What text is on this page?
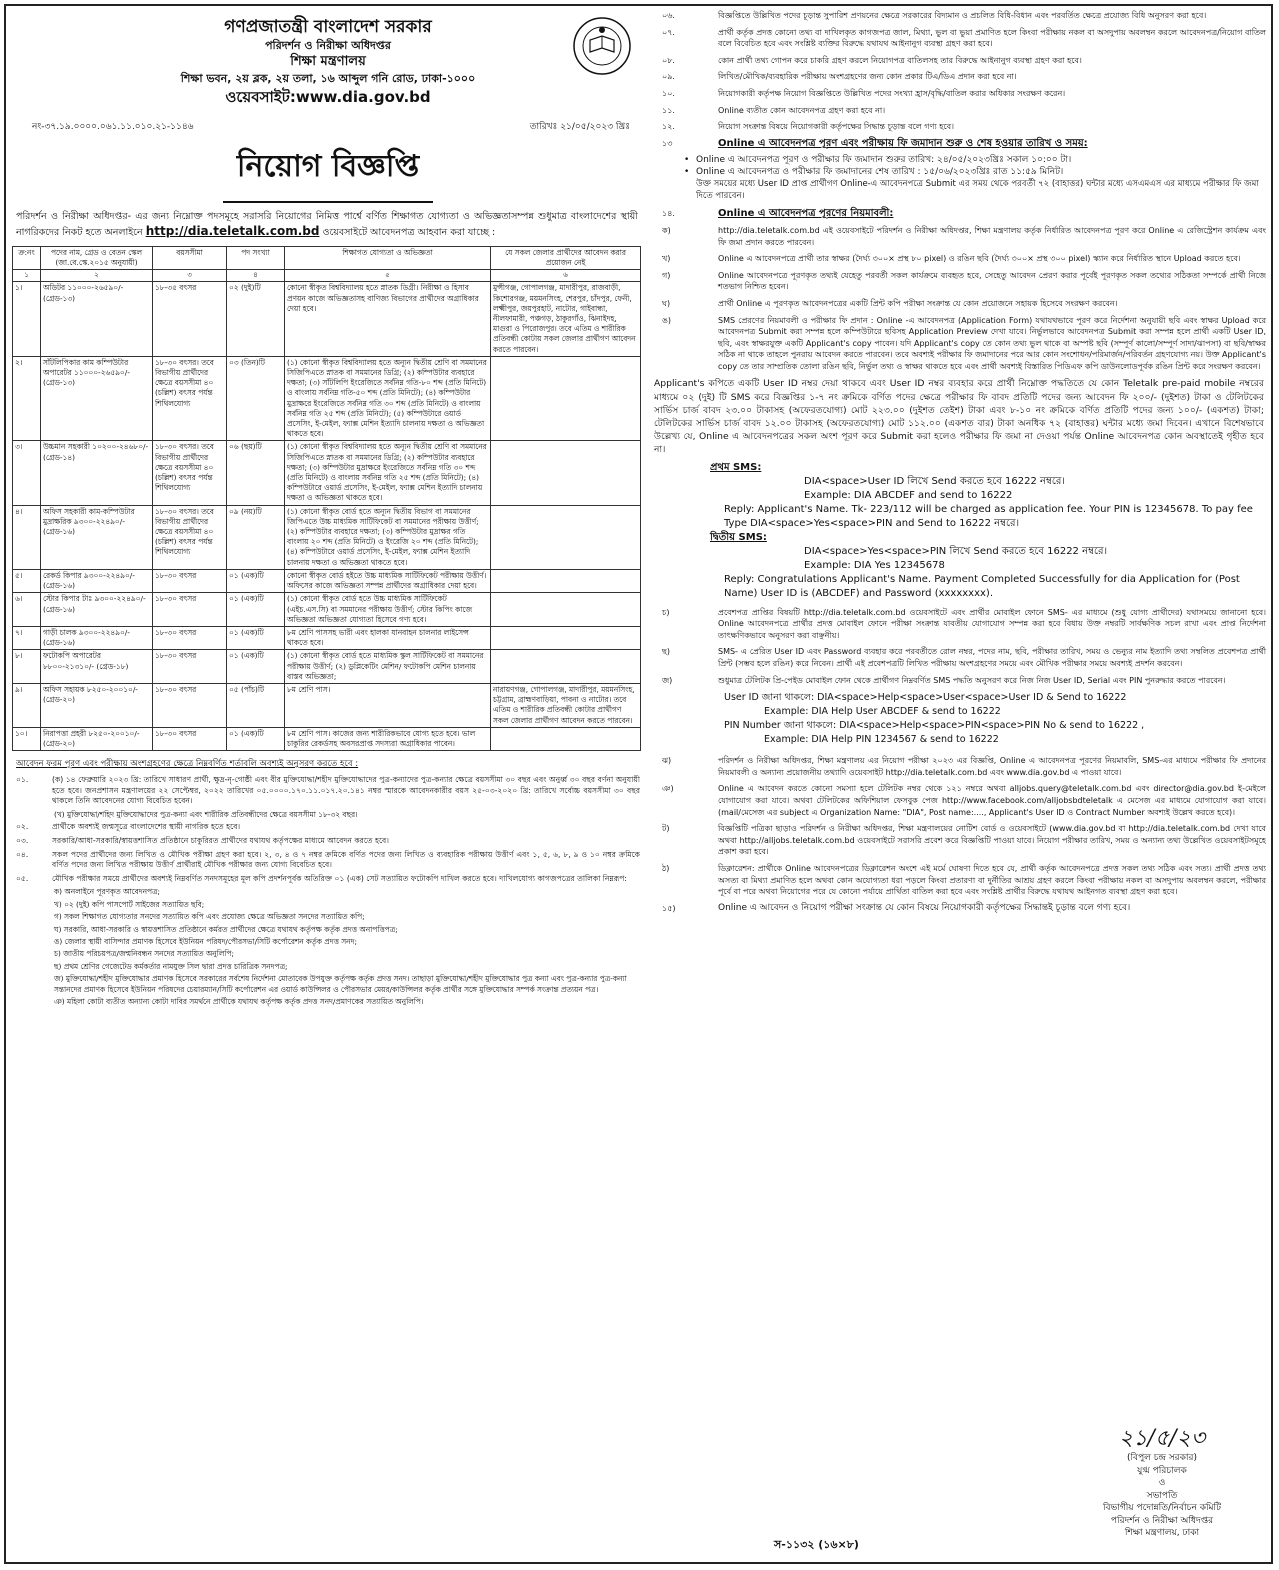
গণপ্রজাতন্ত্রী বাংলাদেশ সরকার
পরিদর্শন ও নিরীক্ষা অধিদপ্তর
শিক্ষা মন্ত্রণালয়
শিক্ষা ভবন, ২য় ব্লক, ২য় তলা, ১৬ আব্দুল গনি রোড, ঢাকা-১০০০
ওয়েবসাইট:www.dia.gov.bd
নং-৩৭.১৯.০০০০.০৬১.১১.০১০.২১-১১৪৬	তারিখঃ ২১/০৫/২০২৩ খ্রিঃ
নিয়োগ বিজ্ঞপ্তি
পরিদর্শন ও নিরীক্ষা অধিদপ্তর- এর জন্য নিম্নোক্ত পদসমূহে সরাসরি নিয়োগের নিমিত্ত পার্শ্বে বর্ণিত শিক্ষাগত যোগ্যতা ও অভিজ্ঞতাসম্পন্ন শুধুমাত্র বাংলাদেশের স্থায়ী নাগরিকদের নিকট হতে অনলাইনে http://dia.teletalk.com.bd ওয়েবসাইটে আবেদনপত্র আহবান করা যাচ্ছে :
ক্র:নং	পদের নাম, গ্রেড ও বেতন স্কেল (জা.বে.স্কে.২০১৫ অনুযায়ী)	বয়সসীমা	পদ সংখ্যা	শিক্ষাগত যোগ্যতা ও অভিজ্ঞতা	যে সকল জেলার প্রার্থীদের আবেদন করার প্রয়োজন নেই
১	২	৩	৪	৫	৬
১।	অডিটর ১১০০০-২৬৫৯০/- (গ্রেড-১৩)	১৮-৩৫ বৎসর	০২ (দুই)টি	কোনো স্বীকৃত বিশ্ববিদ্যালয় হতে স্নাতক ডিগ্রী। নিরীক্ষা ও হিসাব প্রণয়ন কাজে অভিজ্ঞতাসহ বাণিজ্য বিভাগের প্রার্থীদের অগ্রাধিকার দেয়া হবে।	মুন্সীগঞ্জ, গোপালগঞ্জ, মাদারীপুর, রাজবাড়ী, কিশোরগঞ্জ, ময়মনসিংহ, শেরপুর, চাঁদপুর, ফেনী, লক্ষ্মীপুর, জয়পুরহাট, নাটোর, গাইবান্ধা, নীলফামারী, পঞ্চগড়, ঠাকুরগাঁও, ঝিনাইদহ, মাগুরা ও পিরোজপুর। তবে এতিম ও শারীরিক প্রতিবন্ধী কোটায় সকল জেলার প্রার্থীগণ আবেদন করতে পারবেন।
২।	সাঁটলিপিকার কাম কম্পিউটার অপারেটর ১১০০০-২৬৫৯০/- (গ্রেড-১৩)	১৮-৩০ বৎসর। তবে বিভাগীয় প্রার্থীদের ক্ষেত্রে বয়সসীমা ৪০ (চল্লিশ) বৎসর পর্যন্ত শিথিলযোগ্য	০৩ (তিন)টি	(১) কোনো স্বীকৃত বিশ্ববিদ্যালয় হতে অন্যূন দ্বিতীয় শ্রেণি বা সমমানের সিজিপিএতে স্নাতক বা সমমানের ডিগ্রি; (২) কম্পিউটার ব্যবহারে দক্ষতা; (৩) সাঁটলিপি ইংরেজিতে সর্বনিম্ন গতি-৮০ শব্দ (প্রতি মিনিটে) ও বাংলায় সর্বনিম্ন গতি-৫০ শব্দ (প্রতি মিনিটে); (৪) কম্পিউটার মুদ্রাক্ষরে ইংরেজিতে সর্বনিম্ন গতি ৩০ শব্দ (প্রতি মিনিটে) ও বাংলায় সর্বনিম্ন গতি ২৫ শব্দ (প্রতি মিনিটে); (৫) কম্পিউটারে ওয়ার্ড প্রসেসিং, ই-মেইল, ফ্যাক্স মেশিন ইত্যাদি চালনায় দক্ষতা ও অভিজ্ঞতা থাকতে হবে।	
৩।	উচ্চমান সহকারী ১০২০০-২৪৬৮০/- (গ্রেড-১৪)	১৮-৩০ বৎসর। তবে বিভাগীয় প্রার্থীদের ক্ষেত্রে বয়সসীমা ৪০ (চল্লিশ) বৎসর পর্যন্ত শিথিলযোগ্য	০৬ (ছয়)টি	(১) কোনো স্বীকৃত বিশ্ববিদ্যালয় হতে অন্যূন দ্বিতীয় শ্রেণি বা সমমানের সিজিপিএতে স্নাতক বা সমমানের ডিগ্রি; (২) কম্পিউটার ব্যবহারে দক্ষতা; (৩) কম্পিউটার মুদ্রাক্ষরে ইংরেজিতে সর্বনিম্ন গতি ৩০ শব্দ (প্রতি মিনিটে) ও বাংলায় সর্বনিম্ন গতি ২৫ শব্দ (প্রতি মিনিটে); (৪) কম্পিউটারে ওয়ার্ড প্রসেসিং, ই-মেইল, ফ্যাক্স মেশিন ইত্যাদি চালনায় দক্ষতা ও অভিজ্ঞতা থাকতে হবে।	
৪।	অফিস সহকারী কাম-কম্পিউটার মুদ্রাক্ষরিক ৯৩০০-২২৪৯০/- (গ্রেড-১৬)	১৮-৩০ বৎসর। তবে বিভাগীয় প্রার্থীদের ক্ষেত্রে বয়সসীমা ৪০ (চল্লিশ) বৎসর পর্যন্ত শিথিলযোগ্য	০৯ (নয়)টি	(১) কোনো স্বীকৃত বোর্ড হতে অন্যূন দ্বিতীয় বিভাগ বা সমমানের জিপিএতে উচ্চ মাধ্যমিক সার্টিফিকেট বা সমমানের পরীক্ষায় উত্তীর্ণ; (২) কম্পিউটার ব্যবহারে দক্ষতা; (৩) কম্পিউটার মুদ্রাক্ষর গতি বাংলায় ২০ শব্দ (প্রতি মিনিটে) ও ইংরেজি ২০ শব্দ (প্রতি মিনিটে); (৪) কম্পিউটারে ওয়ার্ড প্রসেসিং, ই-মেইল, ফ্যাক্স মেশিন ইত্যাদি চালনায় দক্ষতা ও অভিজ্ঞতা থাকতে হবে।	
৫।	রেকর্ড কিপার ৯৩০০-২২৪৯০/- (গ্রেড-১৬)	১৮-৩০ বৎসর	০১ (এক)টি	কোনো স্বীকৃত বোর্ড হইতে উচ্চ মাধ্যমিক সার্টিফিকেট পরীক্ষায় উত্তীর্ণ। অফিসের কাজে অভিজ্ঞতা সম্পন্ন প্রার্থীদের অগ্রাধিকার দেয়া হবে।	
৬।	স্টোর কিপার টাঃ ৯৩০০-২২৪৯০/- (গ্রেড-১৬)	১৮-৩০ বৎসর	০১ (এক)টি	(১) কোনো স্বীকৃত বোর্ড হতে উচ্চ মাধ্যমিক সার্টিফিকেট (এইচ.এস.সি) বা সমমানের পরীক্ষায় উত্তীর্ণ; স্টোর কিপিং কাজে অভিজ্ঞতা অভিজ্ঞতা যোগ্যতা হিসেবে গণ্য হবে।	
৭।	গাড়ী চালক ৯৩০০-২২৪৯০/- (গ্রেড-১৬)	১৮-৩০ বৎসর	০১ (এক)টি	৮ম শ্রেণি পাসসহ ভারী এবং হালকা যানবাহন চালনার লাইসেন্স থাকতে হবে।	
৮।	ফটোকপি অপারেটর ৮৮০০-২১৩১০/- (গ্রেড-১৮)	১৮-৩০ বৎসর	০১ (এক)টি	(১) কোনো স্বীকৃত বোর্ড হতে মাধ্যমিক স্কুল সার্টিফিকেট বা সমমানের পরীক্ষায় উত্তীর্ণ; (২) ডুপ্লিকেটিং মেশিন/ ফটোকপি মেশিন চালনায় বাস্তব অভিজ্ঞতা;	
৯।	অফিস সহায়ক ৮২৫০-২০০১০/- (গ্রেড-২০)	১৮-৩০ বৎসর	০৫ (পাঁচ)টি	৮ম শ্রেণি পাস।	নারায়ণগঞ্জ, গোপালগঞ্জ, মাদারীপুর, ময়মনসিংহ, চট্টগ্রাম, ব্রাহ্মণবাড়িয়া, পাবনা ও নাটোর। তবে এতিম ও শারীরিক প্রতিবন্ধী কোটার প্রার্থীগণ সকল জেলার প্রার্থীগণ আবেদন করতে পারবেন।
১০।	নিরাপত্তা প্রহরী ৮২৫০-২০০১০/- (গ্রেড-২০)	১৮-৩০ বৎসর	০১ (এক)টি	৮ম শ্রেণি পাস। কাজের জন্য শারীরিকভাবে যোগ্য হতে হবে। ভাল চাকুরির রেকর্ডসহ অবসরপ্রাপ্ত সদস্যরা অগ্রাধিকার পাবেন।	
আবেদন ফরম পূরণ এবং পরীক্ষায় অংশগ্রহণের ক্ষেত্রে নিম্নবর্ণিত শর্তাবলি অবশ্যই অনুসরণ করতে হবে :
০১.	(ক) ১৪ ফেব্রুয়ারি ২০২৩ খ্রি: তারিখে সাধারণ প্রার্থী, ক্ষুদ্র-নৃ-গোষ্ঠী এবং বীর মুক্তিযোদ্ধা/শহীদ মুক্তিযোদ্ধাদের পুত্র-কন্যাদের পুত্র-কন্যার ক্ষেত্রে বয়সসীমা ৩০ বছর এবং অনুর্ধ্ব ৩০ বছর বর্ণনা অনুযায়ী হতে হবে। জনপ্রশাসন মন্ত্রণালয়ের ২২ সেপ্টেম্বর, ২০২২ তারিখের ০৫.০০০০.১৭০.১১.০১৭.২০.১৪১ নম্বর স্মারকে আবেদনকারীর বয়স ২৫-০৩-২০২০ খ্রি: তারিখে সর্বোচ্চ বয়সসীমা ৩০ বছর থাকলে তিনি আবেদনের যোগ্য বিবেচিত হবেন।
(খ) মুক্তিযোদ্ধা/শহিদ মুক্তিযোদ্ধাদের পুত্র-কন্যা এবং শারীরিক প্রতিবন্ধীদের ক্ষেত্রে বয়সসীমা ১৮-৩২ বছর।
০২.	প্রার্থীকে অবশ্যই জন্মসূত্রে বাংলাদেশের স্থায়ী নাগরিক হতে হবে।
০৩.	সরকারি/আধা-সরকারি/স্বায়ত্তশাসিত প্রতিষ্ঠানে চাকুরিরত প্রার্থীদের যথাযথ কর্তৃপক্ষের মাধ্যমে আবেদন করতে হবে।
০৪.	সকল পদের প্রার্থীদের জন্য লিখিত ও মৌখিক পরীক্ষা গ্রহণ করা হবে। ২, ৩, ৪ ও ৭ নম্বর ক্রমিকে বর্ণিত পদের জন্য লিখিত ও ব্যবহারিক পরীক্ষায় উত্তীর্ণ এবং ১, ৫, ৬, ৮, ৯ ও ১০ নম্বর ক্রমিকে বর্ণিত পদের জন্য লিখিত পরীক্ষায় উত্তীর্ণ প্রার্থীরাই মৌখিক পরীক্ষার জন্য যোগ্য বিবেচিত হবে।
০৫.	মৌখিক পরীক্ষার সময়ে প্রার্থীদের অবশ্যই নিম্নবর্ণিত সনদসমূহের মূল কপি প্রদর্শনপূর্বক অতিরিক্ত ০১ (এক) সেট সত্যায়িত ফটোকপি দাখিল করতে হবে। দাখিলযোগ্য কাগজপত্রের তালিকা নিম্নরূপ:
ক) অনলাইনে পূরণকৃত আবেদনপত্র;
খ) ০২ (দুই) কপি পাসপোর্ট সাইজের সত্যায়িত ছবি;
গ) সকল শিক্ষাগত যোগ্যতার সনদের সত্যায়িত কপি এবং প্রযোজ্য ক্ষেত্রে অভিজ্ঞতা সনদের সত্যায়িত কপি;
ঘ) সরকারি, আধা-সরকারি ও স্বায়ত্তশাসিত প্রতিষ্ঠানে কর্মরত প্রার্থীদের ক্ষেত্রে যথাযথ কর্তৃপক্ষ কর্তৃক প্রদত্ত অনাপত্তিপত্র;
ঙ) জেলার স্থায়ী বাসিন্দার প্রমাণক হিসেবে ইউনিয়ন পরিষদ/পৌরসভা/সিটি কর্পোরেশন কর্তৃক প্রদত্ত সনদ;
চ) জাতীয় পরিচয়পত্র/জন্মনিবন্ধন সনদের সত্যায়িত অনুলিপি;
ছ) প্রথম শ্রেণির গেজেটেড কর্মকর্তার নামযুক্ত সিল দ্বারা প্রদত্ত চারিত্রিক সনদপত্র;
জ) মুক্তিযোদ্ধা/শহীদ মুক্তিযোদ্ধার প্রমাণক হিসেবে সরকারের সর্বশেষ নির্দেশনা মোতাবেক উপযুক্ত কর্তৃপক্ষ কর্তৃক প্রদত্ত সনদ। তাছাড়া মুক্তিযোদ্ধা/শহীদ মুক্তিযোদ্ধার পুত্র কন্যা এবং পুত্র-কন্যার পুত্র-কন্যা সন্তানদের প্রমাণক হিসেবে ইউনিয়ন পরিষদের চেয়ারম্যান/সিটি কর্পোরেশন এর ওয়ার্ড কাউন্সিলর ও পৌরসভার মেয়র/কাউন্সিলর কর্তৃক প্রার্থীর সঙ্গে মুক্তিযোদ্ধার সম্পর্ক সংক্রান্ত প্রত্যয়ন পত্র।
ঞ) মহিলা কোটা ব্যতীত অন্যান্য কোটা দাবির সমর্থনে প্রার্থীকে যথাযথ কর্তৃপক্ষ কর্তৃক প্রদত্ত সনদ/প্রমাণকের সত্যায়িত অনুলিপি।
০৬.	বিজ্ঞপ্তিতে উল্লিখিত পদের চূড়ান্ত সুপারিশ প্রণয়নের ক্ষেত্রে সরকারের বিদ্যমান ও প্রচলিত বিধি-বিধান এবং পরবর্তিত ক্ষেত্রে প্রযোজ্য বিধি অনুসরণ করা হবে।
০৭.	প্রার্থী কর্তৃক প্রদত্ত কোনো তথ্য বা দাখিলকৃত কাগজপত্র জাল, মিথ্যা, ভুল বা ভুয়া প্রমাণিত হলে কিংবা পরীক্ষায় নকল বা অসদুপায় অবলম্বন করলে আবেদনপত্র/নিয়োগ বাতিল বলে বিবেচিত হবে এবং সংশ্লিষ্ট ব্যক্তির বিরুদ্ধে যথাযথ আইনানুগ ব্যবস্থা গ্রহণ করা হবে।
০৮.	কোন প্রার্থী তথ্য গোপন করে চাকরি গ্রহণ করলে নিয়োগপত্র বাতিলসহ তার বিরুদ্ধে আইনানুগ ব্যবস্থা গ্রহণ করা হবে।
০৯.	লিখিত/মৌখিক/ব্যবহারিক পরীক্ষায় অংশগ্রহণের জন্য কোন প্রকার টিএ/ডিএ প্রদান করা হবে না।
১০.	নিয়োগকারী কর্তৃপক্ষ নিয়োগ বিজ্ঞপ্তিতে উল্লিখিত পদের সংখ্যা হ্রাস/বৃদ্ধি/বাতিল করার অধিকার সংরক্ষণ করেন।
১১.	Online ব্যতীত কোন আবেদনপত্র গ্রহণ করা হবে না।
১২.	নিয়োগ সংক্রান্ত বিষয়ে নিয়োগকারী কর্তৃপক্ষের সিদ্ধান্ত চূড়ান্ত বলে গণ্য হবে।
১৩	Online এ আবেদনপত্র পূরণ এবং পরীক্ষায় ফি জমাদান শুরু ও শেষ হওয়ার তারিখ ও সময়:
• Online এ আবেদনপত্র পূরণ ও পরীক্ষার ফি জমাদান শুরুর তারিখ: ২৪/০৫/২০২৩খ্রিঃ সকাল ১০:০০ টা।
• Online এ আবেদনপত্র ও পরীক্ষার ফি জমাদানের শেষ তারিখ : ১৫/০৬/২০২৩খ্রিঃ রাত ১১:৫৯ মিনিট।
উক্ত সময়ের মধ্যে User ID প্রাপ্ত প্রার্থীগণ Online-এ আবেদনপত্রে Submit এর সময় থেকে পরবর্তী ৭২ (বাহাত্তর) ঘন্টার মধ্যে এসএমএস এর মাধ্যমে পরীক্ষার ফি জমা দিতে পারবেন।
১৪.	Online এ আবেদনপত্র পূরণের নিয়মাবলী:
ক)	http://dia.teletalk.com.bd এই ওয়েবসাইটে পরিদর্শন ও নিরীক্ষা অধিদপ্তর, শিক্ষা মন্ত্রণালয় কর্তৃক নির্ধারিত আবেদনপত্র পূরণ করে Online এ রেজিস্ট্রেশন কার্যক্রম এবং ফি জমা প্রদান করতে পারবেন।
খ)	Online এ আবেদনপত্রে প্রার্থী তার স্বাক্ষর (দৈর্ঘ্য ৩০০× প্রস্থ ৮০ pixel) ও রঙিন ছবি (দৈর্ঘ্য ৩০০× প্রস্থ ৩০০ pixel) স্ক্যান করে নির্ধারিত স্থানে Upload করতে হবে।
গ)	Online আবেদনপত্রে পূরণকৃত তথ্যই যেহেতু পরবর্তী সকল কার্যক্রমে ব্যবহৃত হবে, সেহেতু আবেদন প্রেরণ করার পূর্বেই পূরণকৃত সকল তথ্যের সঠিকতা সম্পর্কে প্রার্থী নিজে শতভাগ নিশ্চিত হবেন।
ঘ)	প্রার্থী Online এ পূরণকৃত আবেদনপত্রের একটি প্রিন্ট কপি পরীক্ষা সংক্রান্ত যে কোন প্রয়োজনে সহায়ক হিসেবে সংরক্ষণ করবেন।
ঙ)	SMS প্রেরণের নিয়মাবলী ও পরীক্ষার ফি প্রদান : Online -এ আবেদনপত্র (Application Form) যথাযথভাবে পূরণ করে নির্দেশনা অনুযায়ী ছবি এবং স্বাক্ষর Upload করে আবেদনপত্র Submit করা সম্পন্ন হলে কম্পিউটারে ছবিসহ Application Preview দেখা যাবে। নির্ভুলভাবে আবেদনপত্র Submit করা সম্পন্ন হলে প্রার্থী একটি User ID, ছবি, এবং স্বাক্ষরযুক্ত একটি Applicant's copy পাবেন। যদি Applicant's copy তে কোন তথ্য ভুল থাকে বা অস্পষ্ট ছবি (সম্পূর্ণ কালো/সম্পূর্ণ সাদা/ঝাপসা) বা ছবি/স্বাক্ষর সঠিক না থাকে তাহলে পুনরায় আবেদন করতে পারবেন। তবে অবশ্যই পরীক্ষার ফি জমাদানের পরে আর কোন সংশোধন/পরিমার্জন/পরিবর্তন গ্রহণযোগ্য নয়। উক্ত Applicant's copy তে তার সাম্প্রতিক তোলা রঙিন ছবি, নির্ভুল তথ্য ও স্বাক্ষর থাকতে হবে এবং প্রার্থী অবশ্যই বিস্তারিত পিডিএফ কপি ডাউনলোডপূর্বক রঙিন প্রিন্ট করে সংরক্ষণ করবেন।
Applicant's কপিতে একটি User ID নম্বর দেয়া থাকবে এবং User ID নম্বর ব্যবহার করে প্রার্থী নিম্নোক্ত পদ্ধতিতে যে কোন Teletalk pre-paid mobile নম্বরের মাধ্যমে ০২ (দুই) টি SMS করে বিজ্ঞপ্তির ১-৭ নং ক্রমিকে বর্ণিত পদের ক্ষেত্রে পরীক্ষার ফি বাবদ প্রতিটি পদের জন্য আবেদন ফি ২০০/- (দুইশত) টাকা ও টেলিটকের সার্ভিস চার্জ বাবদ ২৩.০০ টাকাসহ (অফেরতযোগ্য) মোট ২২৩.০০ (দুইশত তেইশ) টাকা এবং ৮-১০ নং ক্রমিকে বর্ণিত প্রতিটি পদের জন্য ১০০/- (একশত) টাকা; টেলিটকের সার্ভিস চার্জ বাবদ ১২.০০ টাকাসহ (অফেরতযোগ্য) মোট ১১২.০০ (একশত বার) টাকা অনধিক ৭২ (বাহাত্তর) ঘন্টার মধ্যে জমা দিবেন। এখানে বিশেষভাবে উল্লেখ্য যে, Online এ আবেদনপত্রের সকল অংশ পূরণ করে Submit করা হলেও পরীক্ষার ফি জমা না দেওয়া পর্যন্ত Online আবেদনপত্র কোন অবস্থাতেই গৃহীত হবে না।
প্রথম SMS:
DIA<space>User ID লিখে Send করতে হবে 16222 নম্বরে।
Example: DIA ABCDEF and send to 16222
Reply: Applicant's Name. Tk- 223/112 will be charged as application fee. Your PIN is 12345678. To pay fee Type DIA<space>Yes<space>PIN and Send to 16222 নম্বরে।
দ্বিতীয় SMS:
DIA<space>Yes<space>PIN লিখে Send করতে হবে 16222 নম্বরে।
Example: DIA Yes 12345678
Reply: Congratulations Applicant's Name. Payment Completed Successfully for dia Application for (Post Name) User ID is (ABCDEF) and Password (xxxxxxxx).
চ)	প্রবেশপত্র প্রাপ্তির বিষয়টি http://dia.teletalk.com.bd ওয়েবসাইটে এবং প্রার্থীর মোবাইল ফোনে SMS- এর মাধ্যমে (শুধু যোগ্য প্রার্থীদের) যথাসময়ে জানানো হবে। Online আবেদনপত্রে প্রার্থীর প্রদত্ত মোবাইল ফোনে পরীক্ষা সংক্রান্ত যাবতীয় যোগাযোগ সম্পন্ন করা হবে বিধায় উক্ত নম্বরটি সার্বক্ষণিক সচল রাখা এবং প্রাপ্ত নির্দেশনা তাৎক্ষণিকভাবে অনুসরণ করা বাঞ্ছনীয়।
ছ)	SMS- এ প্রেরিত User ID এবং Password ব্যবহার করে পরবর্তীতে রোল নম্বর, পদের নাম, ছবি, পরীক্ষার তারিখ, সময় ও ভেন্যুর নাম ইত্যাদি তথ্য সম্বলিত প্রবেশপত্র প্রার্থী প্রিন্ট (সম্ভব হলে রঙিন) করে নিবেন। প্রার্থী এই প্রবেশপত্রটি লিখিত পরীক্ষায় অংশগ্রহণের সময়ে এবং মৌখিক পরীক্ষার সময়ে অবশ্যই প্রদর্শন করবেন।
জ)	শুধুমাত্র টেলিটক প্রি-পেইড মোবাইল ফোন থেকে প্রার্থীগণ নিম্নবর্ণিত SMS পদ্ধতি অনুসরণ করে নিজ নিজ User ID, Serial এবং PIN পুনরুদ্ধার করতে পারবেন।
User ID জানা থাকলে: DIA<space>Help<space>User<space>User ID & Send to 16222
Example: DIA Help User ABCDEF & send to 16222
PIN Number জানা থাকলে: DIA<space>Help<space>PIN<space>PIN No & send to 16222 ,
Example: DIA Help PIN 1234567 & send to 16222
ঝ)	পরিদর্শন ও নিরীক্ষা অধিদপ্তর, শিক্ষা মন্ত্রণালয় এর নিয়োগ পরীক্ষা ২০২৩ এর বিজ্ঞপ্তি, Online এ আবেদনপত্র পূরণের নিয়মাবলি, SMS-এর মাধ্যমে পরীক্ষার ফি প্রদানের নিয়মাবলী ও অন্যান্য প্রয়োজনীয় তথ্যাদি ওয়েবসাইট http://dia.teletalk.com.bd এবং www.dia.gov.bd এ পাওয়া যাবে।
ঞ)	Online এ আবেদন করতে কোনো সমস্যা হলে টেলিটক নম্বর থেকে ১২১ নম্বরে অথবা alljobs.query@teletalk.com.bd এবং director@dia.gov.bd ই-মেইলে যোগাযোগ করা যাবে। অথবা টেলিটকের অফিশিয়াল ফেসবুক পেজ http://www.facebook.com/alljobsbdteletalk এ মেসেজ এর মাধ্যমে যোগাযোগ করা যাবে। (mail/মেসেজ এর subject এ Organization Name: "DIA", Post name:...., Applicant's User ID ও Contract Number অবশ্যই উল্লেখ করতে হবে)।
ট)	বিজ্ঞপ্তিটি পত্রিকা ছাড়াও পরিদর্শন ও নিরীক্ষা অধিদপ্তর, শিক্ষা মন্ত্রণালয়ের নোটিশ বোর্ড ও ওয়েবসাইটে (www.dia.gov.bd বা http://dia.teletalk.com.bd দেখা যাবে অথবা http://alljobs.teletalk.com.bd ওয়েবসাইটে সরাসরি প্রবেশ করে বিজ্ঞপ্তিটি পাওয়া যাবে। নিয়োগ পরীক্ষার তারিখ, সময় ও অন্যান্য তথ্য উল্লেখিত ওয়েবসাইটসমূহে প্রকাশ করা হবে।
ঠ)	ডিক্লারেশন: প্রার্থীকে Online আবেদনপত্রের ডিক্লারেশন অংশে এই মর্মে ঘোষণা দিতে হবে যে, প্রার্থী কর্তৃক আবেদনপত্রে প্রদত্ত সকল তথ্য সঠিক এবং সত্য। প্রার্থী প্রদত্ত তথ্য অসত্য বা মিথ্যা প্রমাণিত হলে অথবা কোন অযোগ্যতা ধরা পড়লে কিংবা প্রতারণা বা দুর্নীতির আশ্রয় গ্রহণ করলে কিংবা পরীক্ষায় নকল বা অসদুপায় অবলম্বন করলে, পরীক্ষার পূর্বে বা পরে অথবা নিয়োগের পরে যে কোনো পর্যায়ে প্রার্থিতা বাতিল করা হবে এবং সংশ্লিষ্ট প্রার্থীর বিরুদ্ধে যথাযথ আইনগত ব্যবস্থা গ্রহণ করা হবে।
১৫)	Online এ আবেদন ও নিয়োগ পরীক্ষা সংক্রান্ত যে কোন বিষয়ে নিয়োগকারী কর্তৃপক্ষের সিদ্ধান্তই চূড়ান্ত বলে গণ্য হবে।
২১/৫/২৩
(বিপুল চন্দ্র সরকার)
যুগ্ম পরিচালক
ও
সভাপতি
বিভাগীয় পদোন্নতি/নির্বাচন কমিটি
পরিদর্শন ও নিরীক্ষা অধিদপ্তর
শিক্ষা মন্ত্রণালয়, ঢাকা
স-১১৩২ (১৬×৮)
